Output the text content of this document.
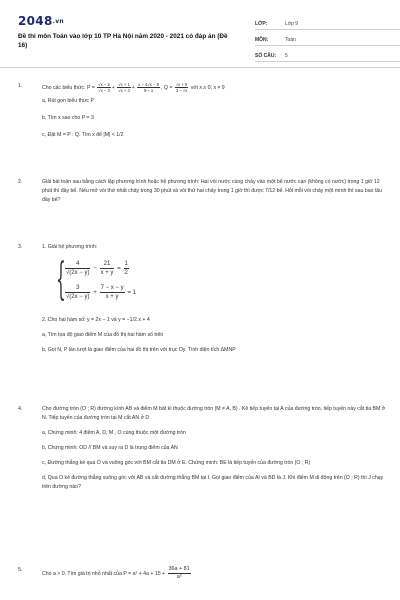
2048.vn
Đề thi môn Toán vào lớp 10 TP Hà Nội năm 2020 - 2021 có đáp án (Đề 16)
LỚP:	Lớp 9
MÔN:	Toán
SỐ CÂU:	5
1.	Cho các biểu thức: $P = \frac{√x - 2}{√x - 3} + \frac{√x + 1}{√x + 3} + \frac{x - 4√x - 9}{9 - x}$ , $Q = \frac{√x + 5}{3 - √x}$ với x ≥ 0; x ≠ 9
a, Rút gọn biểu thức P
b, Tìm x sao cho P = 3
c, Đặt M = P : Q. Tìm x để |M| < 1/2
2.	Giải bài toán sau bằng cách lập phương trình hoặc hệ phương trình: Hai vòi nước cùng chảy vào một bể nước cạn (không có nước) trong 1 giờ 12 phút thì đầy bể. Nếu mở vòi thứ nhất chảy trong 30 phút và vòi thứ hai chảy trong 1 giờ thì được 7/12 bể. Hỏi mỗi vòi chảy một mình thì sau bao lâu đầy bể?
3.	1. Giải hệ phương trình:
{ $\frac{4}{√(2x - y)} - \frac{21}{x + y} = \frac{1}{2}$
$\frac{3}{√(2x - y)} + \frac{7 - x - y}{x + y} = 1$
2. Cho hai hàm số: y = 2x − 1 và y = −1/2.x + 4
a, Tìm tọa độ giao điểm M của đồ thị hai hàm số trên
b, Gọi N, P lần lượt là giao điểm của hai đồ thị trên với trục Oy. Tính diện tích ΔMNP
4.	Cho đường tròn (O ; R) đường kính AB và điểm M bất kì thuộc đường tròn (M ≠ A, B) . Kẻ tiếp tuyến tại A của đường tròn, tiếp tuyến này cắt tia BM ở N. Tiếp tuyến của đường tròn tại M cắt AN ở D
a, Chứng minh: 4 điểm A, D, M , O cùng thuộc một đường tròn
b, Chứng minh: OD // BM và suy ra D là trung điểm của AN
c, Đường thẳng kẻ qua O và vuông góc với BM cắt tia DM ở E. Chứng minh: BE là tiếp tuyến của đường tròn (O ; R)
d, Qua O kẻ đường thẳng vuông góc với AB và cắt đường thẳng BM tại I. Gọi giao điểm của AI và BD là J. Khi điểm M di động trên (O ; R) thì J chạy trên đường nào?
5.
Cho a > 0. Tìm giá trị nhỏ nhất của $P = a^2 + 4a + 15 + \frac{36a + 81}{\text{a²}}$
